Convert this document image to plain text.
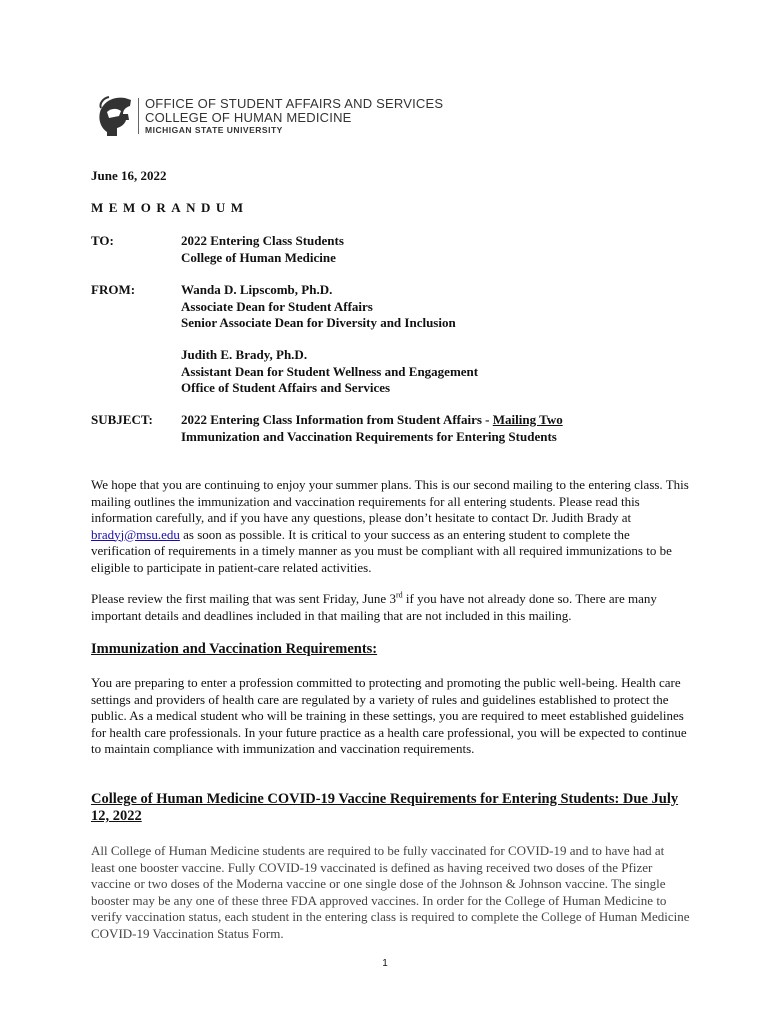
OFFICE OF STUDENT AFFAIRS AND SERVICES
COLLEGE OF HUMAN MEDICINE
MICHIGAN STATE UNIVERSITY
June 16, 2022
MEMORANDUM
TO:	2022 Entering Class Students
College of Human Medicine
FROM:	Wanda D. Lipscomb, Ph.D.
Associate Dean for Student Affairs
Senior Associate Dean for Diversity and Inclusion
Judith E. Brady, Ph.D.
Assistant Dean for Student Wellness and Engagement
Office of Student Affairs and Services
SUBJECT: 2022 Entering Class Information from Student Affairs - Mailing Two
Immunization and Vaccination Requirements for Entering Students
We hope that you are continuing to enjoy your summer plans. This is our second mailing to the entering class. This mailing outlines the immunization and vaccination requirements for all entering students. Please read this information carefully, and if you have any questions, please don’t hesitate to contact Dr. Judith Brady at bradyj@msu.edu as soon as possible. It is critical to your success as an entering student to complete the verification of requirements in a timely manner as you must be compliant with all required immunizations to be eligible to participate in patient-care related activities.
Please review the first mailing that was sent Friday, June 3rd if you have not already done so. There are many important details and deadlines included in that mailing that are not included in this mailing.
Immunization and Vaccination Requirements:
You are preparing to enter a profession committed to protecting and promoting the public well-being. Health care settings and providers of health care are regulated by a variety of rules and guidelines established to protect the public. As a medical student who will be training in these settings, you are required to meet established guidelines for health care professionals. In your future practice as a health care professional, you will be expected to continue to maintain compliance with immunization and vaccination requirements.
College of Human Medicine COVID-19 Vaccine Requirements for Entering Students: Due July 12, 2022
All College of Human Medicine students are required to be fully vaccinated for COVID-19 and to have had at least one booster vaccine. Fully COVID-19 vaccinated is defined as having received two doses of the Pfizer vaccine or two doses of the Moderna vaccine or one single dose of the Johnson & Johnson vaccine. The single booster may be any one of these three FDA approved vaccines. In order for the College of Human Medicine to verify vaccination status, each student in the entering class is required to complete the College of Human Medicine COVID-19 Vaccination Status Form.
1
